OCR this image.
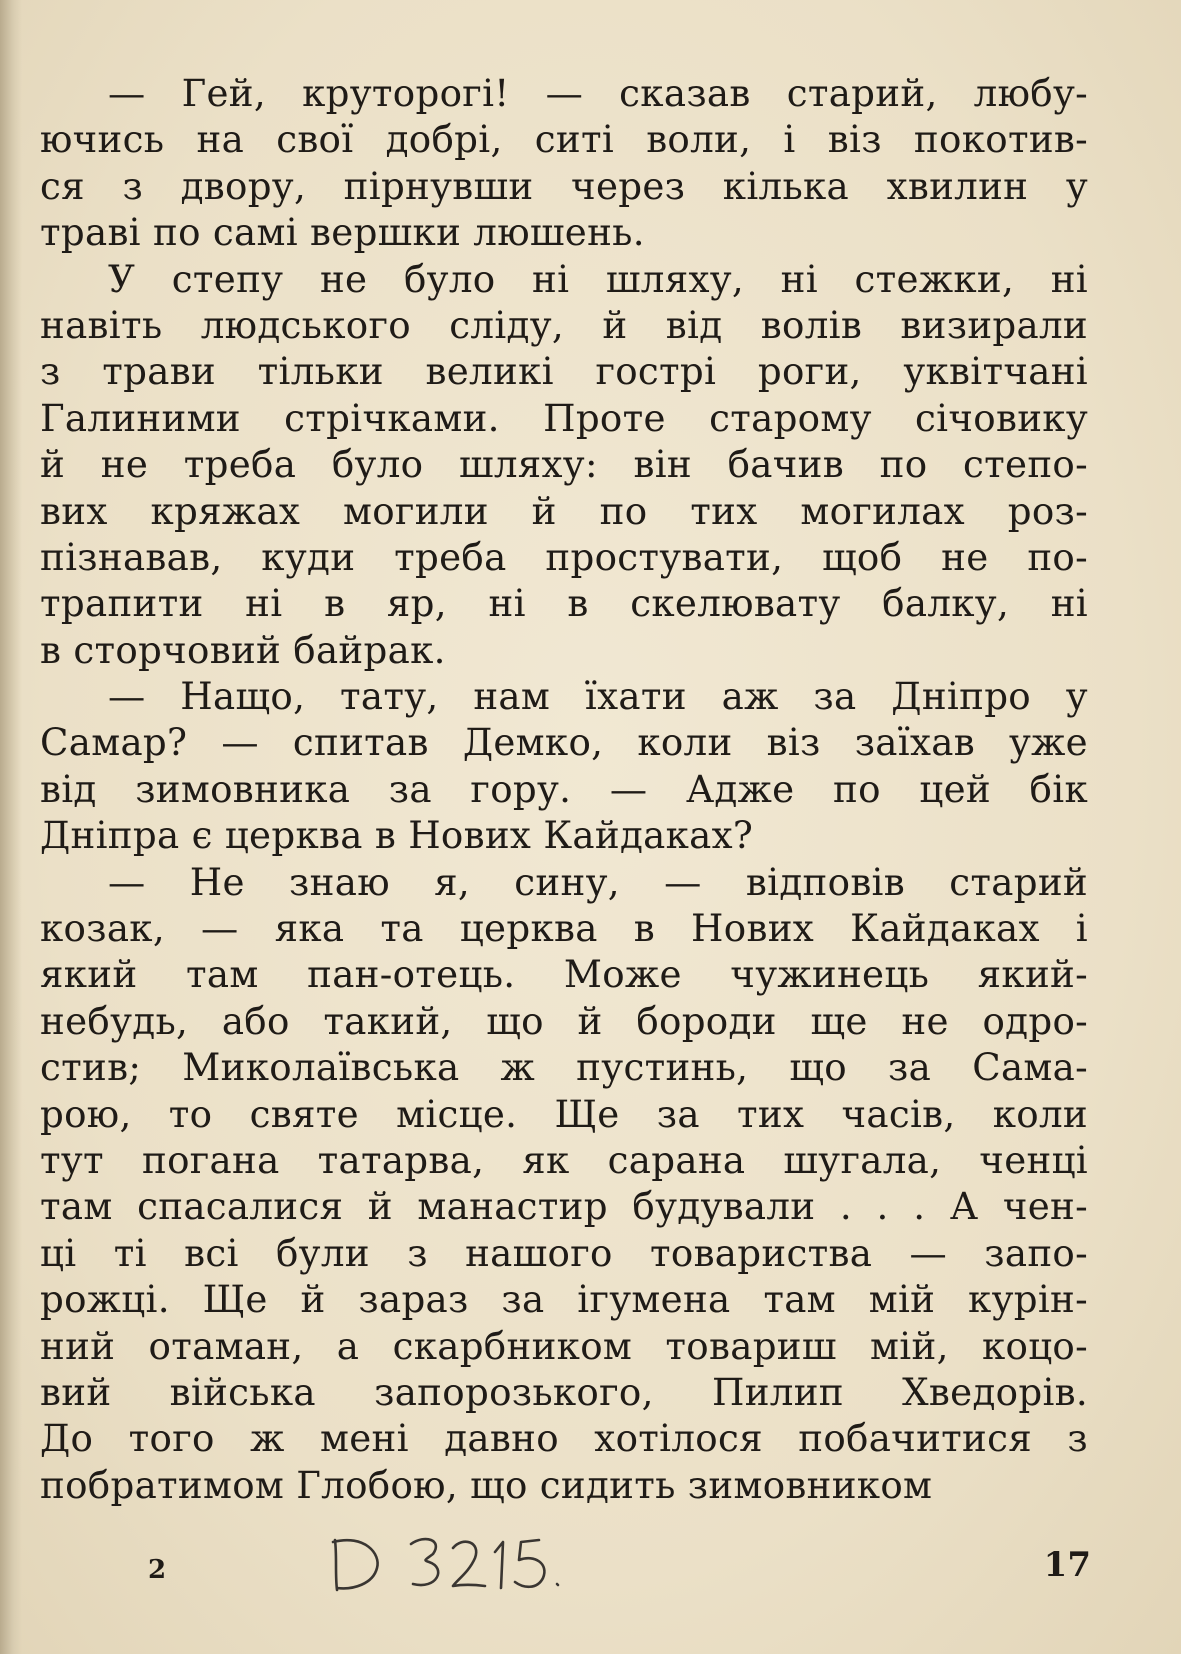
— Гей, круторогі! — сказав старий, любу-
ючись на свої добрі, ситі воли, і віз покотив-
ся з двору, пірнувши через кілька хвилин у
траві по самі вершки люшень.
У степу не було ні шляху, ні стежки, ні
навіть людського сліду, й від волів визирали
з трави тільки великі гострі роги, уквітчані
Галиними стрічками. Проте старому січовику
й не треба було шляху: він бачив по степо-
вих кряжах могили й по тих могилах роз-
пізнавав, куди треба простувати, щоб не по-
трапити ні в яр, ні в скелювату балку, ні
в сторчовий байрак.
— Нащо, тату, нам їхати аж за Дніпро у
Самар? — спитав Демко, коли віз заїхав уже
від зимовника за гору. — Адже по цей бік
Дніпра є церква в Нових Кайдаках?
— Не знаю я, сину, — відповів старий
козак, — яка та церква в Нових Кайдаках і
який там пан-отець. Може чужинець який-
небудь, або такий, що й бороди ще не одро-
стив; Миколаївська ж пустинь, що за Сама-
рою, то святе місце. Ще за тих часів, коли
тут погана татарва, як сарана шугала, ченці
там спасалися й манастир будували . . . А чен-
ці ті всі були з нашого товариства — запо-
рожці. Ще й зараз за ігумена там мій курін-
ний отаман, а скарбником товариш мій, коцо-
вий війська запорозького, Пилип Хведорів.
До того ж мені давно хотілося побачитися з
побратимом Глобою, що сидить зимовником
2	17
